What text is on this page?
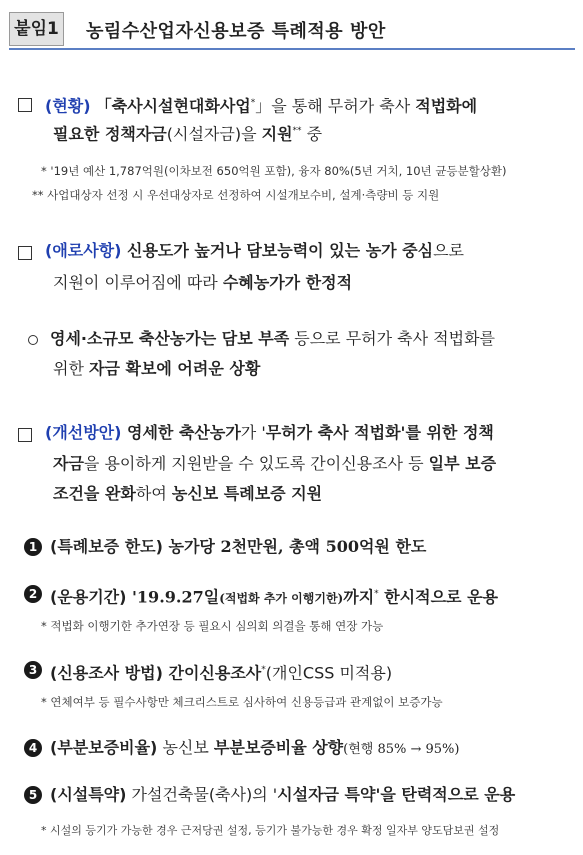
붙임1 농림수산업자신용보증 특례적용 방안
(현황) 「축사시설현대화사업*」을 통해 무허가 축사 적법화에
필요한 정책자금(시설자금)을 지원** 중
* '19년 예산 1,787억원(이차보전 650억원 포함), 융자 80%(5년 거치, 10년 균등분할상환)
** 사업대상자 선정 시 우선대상자로 선정하여 시설개보수비, 설계·측량비 등 지원
(애로사항) 신용도가 높거나 담보능력이 있는 농가 중심으로
지원이 이루어짐에 따라 수혜농가가 한정적
영세·소규모 축산농가는 담보 부족 등으로 무허가 축사 적법화를
위한 자금 확보에 어려운 상황
(개선방안) 영세한 축산농가가 '무허가 축사 적법화'를 위한 정책
자금을 용이하게 지원받을 수 있도록 간이신용조사 등 일부 보증
조건을 완화하여 농신보 특례보증 지원
1 (특례보증 한도) 농가당 2천만원, 총액 500억원 한도
2 (운용기간) '19.9.27일(적법화 추가 이행기한)까지* 한시적으로 운용
* 적법화 이행기한 추가연장 등 필요시 심의회 의결을 통해 연장 가능
3 (신용조사 방법) 간이신용조사*(개인CSS 미적용)
* 연체여부 등 필수사항만 체크리스트로 심사하여 신용등급과 관계없이 보증가능
4 (부분보증비율) 농신보 부분보증비율 상향(현행 85% → 95%)
5 (시설특약) 가설건축물(축사)의 '시설자금 특약'을 탄력적으로 운용
* 시설의 등기가 가능한 경우 근저당권 설정, 등기가 불가능한 경우 확정 일자부 양도담보권 설정
